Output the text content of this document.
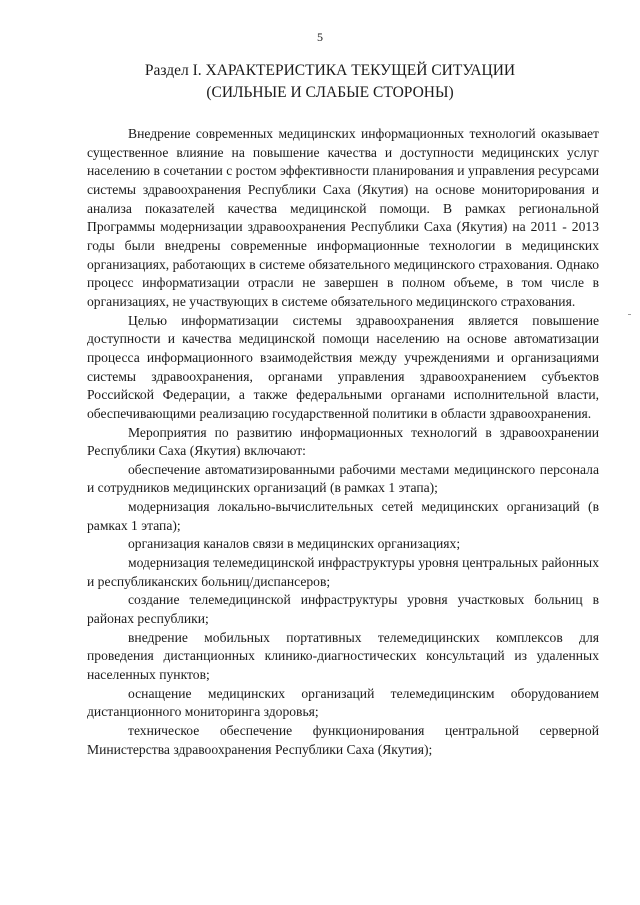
5
Раздел I. ХАРАКТЕРИСТИКА ТЕКУЩЕЙ СИТУАЦИИ
(СИЛЬНЫЕ И СЛАБЫЕ СТОРОНЫ)

Внедрение современных медицинских информационных технологий оказывает существенное влияние на повышение качества и доступности медицинских услуг населению в сочетании с ростом эффективности планирования и управления ресурсами системы здравоохранения Республики Саха (Якутия) на основе мониторирования и анализа показателей качества медицинской помощи. В рамках региональной Программы модернизации здравоохранения Республики Саха (Якутия) на 2011 - 2013 годы были внедрены современные информационные технологии в медицинских организациях, работающих в системе обязательного медицинского страхования. Однако процесс информатизации отрасли не завершен в полном объеме, в том числе в организациях, не участвующих в системе обязательного медицинского страхования.

Целью информатизации системы здравоохранения является повышение доступности и качества медицинской помощи населению на основе автоматизации процесса информационного взаимодействия между учреждениями и организациями системы здравоохранения, органами управления здравоохранением субъектов Российской Федерации, а также федеральными органами исполнительной власти, обеспечивающими реализацию государственной политики в области здравоохранения.

Мероприятия по развитию информационных технологий в здравоохранении Республики Саха (Якутия) включают:

обеспечение автоматизированными рабочими местами медицинского персонала и сотрудников медицинских организаций (в рамках 1 этапа);

модернизация локально-вычислительных сетей медицинских организаций (в рамках 1 этапа);

организация каналов связи в медицинских организациях;

модернизация телемедицинской инфраструктуры уровня центральных районных и республиканских больниц/диспансеров;

создание телемедицинской инфраструктуры уровня участковых больниц в районах республики;

внедрение мобильных портативных телемедицинских комплексов для проведения дистанционных клинико-диагностических консультаций из удаленных населенных пунктов;

оснащение медицинских организаций телемедицинским оборудованием дистанционного мониторинга здоровья;

техническое обеспечение функционирования центральной серверной Министерства здравоохранения Республики Саха (Якутия);
